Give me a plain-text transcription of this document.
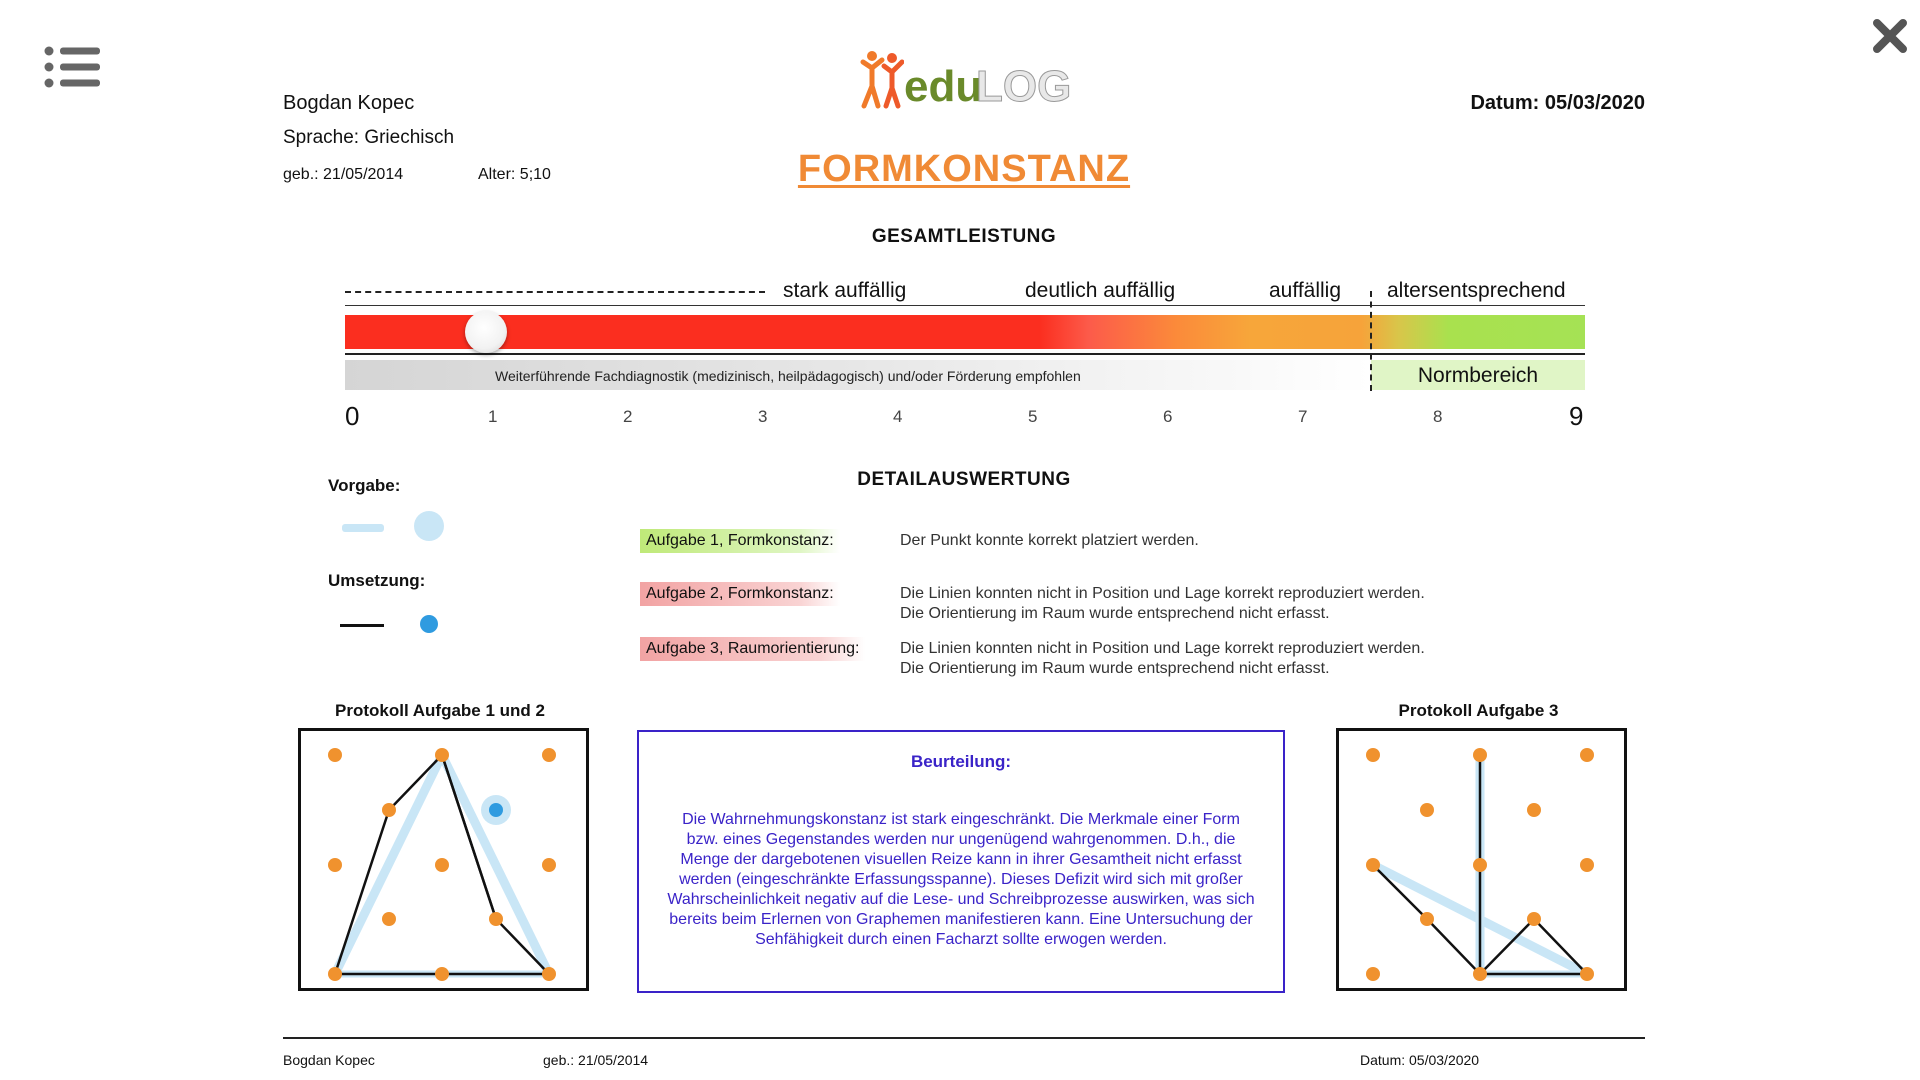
Bogdan Kopec
Sprache: Griechisch
geb.: 21/05/2014	Alter: 5;10
Datum: 05/03/2020
edu
LOG
FORMKONSTANZ
GESAMTLEISTUNG
stark auffällig	deutlich auffällig	auffällig altersentsprechend
Weiterführende Fachdiagnostik (medizinisch, heilpädagogisch) und/oder Förderung empfohlen	Normbereich
0	1	2	3	4	5	6	7	8	9
DETAILAUSWERTUNG
Vorgabe:
Umsetzung:
Aufgabe 1, Formkonstanz:	Der Punkt konnte korrekt platziert werden.
Aufgabe 2, Formkonstanz:	Die Linien konnten nicht in Position und Lage korrekt reproduziert werden.
Die Orientierung im Raum wurde entsprechend nicht erfasst.
Aufgabe 3, Raumorientierung:	Die Linien konnten nicht in Position und Lage korrekt reproduziert werden.
Die Orientierung im Raum wurde entsprechend nicht erfasst.
Protokoll Aufgabe 1 und 2
Beurteilung:
Die Wahrnehmungskonstanz ist stark eingeschränkt. Die Merkmale einer Form bzw. eines Gegenstandes werden nur ungenügend wahrgenommen. D.h., die Menge der dargebotenen visuellen Reize kann in ihrer Gesamtheit nicht erfasst werden (eingeschränkte Erfassungsspanne). Dieses Defizit wird sich mit großer Wahrscheinlichkeit negativ auf die Lese- und Schreibprozesse auswirken, was sich bereits beim Erlernen von Graphemen manifestieren kann. Eine Untersuchung der Sehfähigkeit durch einen Facharzt sollte erwogen werden.
Protokoll Aufgabe 3
Bogdan Kopec	geb.: 21/05/2014	Datum: 05/03/2020
